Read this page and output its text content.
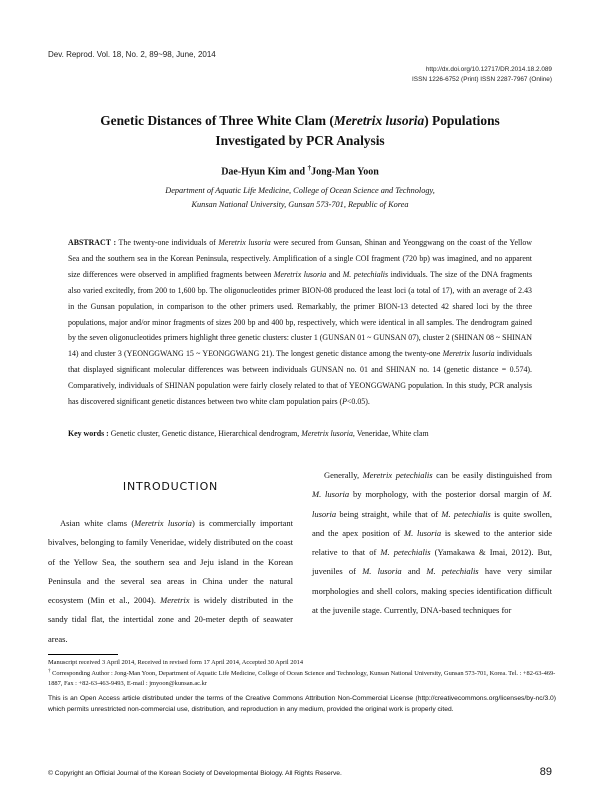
Dev. Reprod. Vol. 18, No. 2, 89~98, June, 2014
http://dx.doi.org/10.12717/DR.2014.18.2.089
ISSN 1226-6752 (Print) ISSN 2287-7967 (Online)
Genetic Distances of Three White Clam (Meretrix lusoria) Populations
Investigated by PCR Analysis
Dae-Hyun Kim and †Jong-Man Yoon
Department of Aquatic Life Medicine, College of Ocean Science and Technology,
Kunsan National University, Gunsan 573-701, Republic of Korea
ABSTRACT : The twenty-one individuals of Meretrix lusoria were secured from Gunsan, Shinan and Yeonggwang on the coast of the Yellow Sea and the southern sea in the Korean Peninsula, respectively. Amplification of a single COI fragment (720 bp) was imagined, and no apparent size differences were observed in amplified fragments between Meretrix lusoria and M. petechialis individuals. The size of the DNA fragments also varied excitedly, from 200 to 1,600 bp. The oligonucleotides primer BION-08 produced the least loci (a total of 17), with an average of 2.43 in the Gunsan population, in comparison to the other primers used. Remarkably, the primer BION-13 detected 42 shared loci by the three populations, major and/or minor fragments of sizes 200 bp and 400 bp, respectively, which were identical in all samples. The dendrogram gained by the seven oligonucleotides primers highlight three genetic clusters: cluster 1 (GUNSAN 01 ~ GUNSAN 07), cluster 2 (SHINAN 08 ~ SHINAN 14) and cluster 3 (YEONGGWANG 15 ~ YEONGGWANG 21). The longest genetic distance among the twenty-one Meretrix lusoria individuals that displayed significant molecular differences was between individuals GUNSAN no. 01 and SHINAN no. 14 (genetic distance = 0.574). Comparatively, individuals of SHINAN population were fairly closely related to that of YEONGGWANG population. In this study, PCR analysis has discovered significant genetic distances between two white clam population pairs (P<0.05).
Key words : Genetic cluster, Genetic distance, Hierarchical dendrogram, Meretrix lusoria, Veneridae, White clam
INTRODUCTION

Asian white clams (Meretrix lusoria) is commercially important bivalves, belonging to family Veneridae, widely distributed on the coast of the Yellow Sea, the southern sea and Jeju island in the Korean Peninsula and the several sea areas in China under the natural ecosystem (Min et al., 2004). Meretrix is widely distributed in the sandy tidal flat, the intertidal zone and 20-meter depth of seawater areas.

Generally, Meretrix petechialis can be easily distinguished from M. lusoria by morphology, with the posterior dorsal margin of M. lusoria being straight, while that of M. petechialis is quite swollen, and the apex position of M. lusoria is skewed to the anterior side relative to that of M. petechialis (Yamakawa & Imai, 2012). But, juveniles of M. lusoria and M. petechialis have very similar morphologies and shell colors, making species identification difficult at the juvenile stage. Currently, DNA-based techniques for

Manuscript received 3 April 2014, Received in revised form 17 April 2014, Accepted 30 April 2014
† Corresponding Author : Jong-Man Yoon, Department of Aquatic Life Medicine, College of Ocean Science and Technology, Kunsan National University, Gunsan 573-701, Korea. Tel. : +82-63-469-1887, Fax : +82-63-463-9493, E-mail : jmyoon@kunsan.ac.kr
This is an Open Access article distributed under the terms of the Creative Commons Attribution Non-Commercial License (http://creativecommons.org/licenses/by-nc/3.0) which permits unrestricted non-commercial use, distribution, and reproduction in any medium, provided the original work is properly cited.
© Copyright an Official Journal of the Korean Society of Developmental Biology. All Rights Reserve.	89
